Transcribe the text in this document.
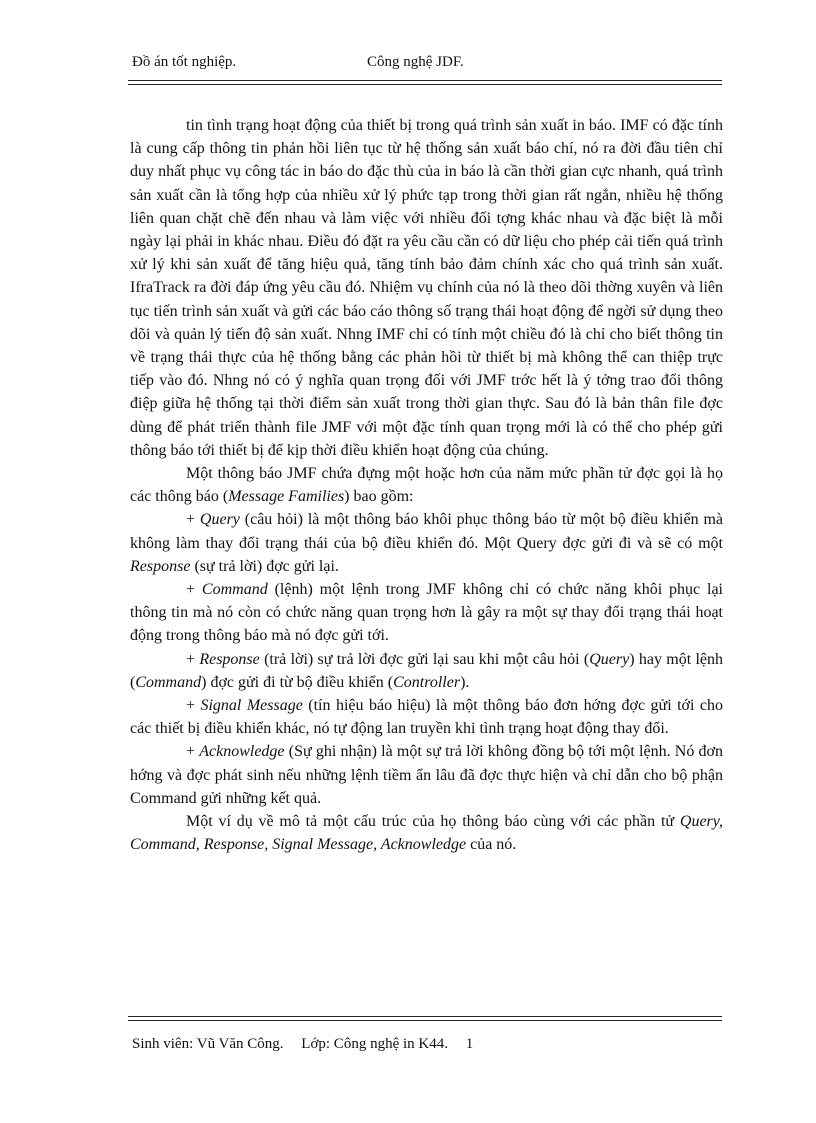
Đồ án tốt nghiệp.	Công nghệ JDF.

tin tình trạng hoạt động của thiết bị trong quá trình sản xuất in báo. IMF có đặc tính là cung cấp thông tin phản hồi liên tục từ hệ thống sản xuất báo chí, nó ra đời đầu tiên chỉ duy nhất phục vụ công tác in báo do đặc thù của in báo là cần thời gian cực nhanh, quá trình sản xuất cần là tổng hợp của nhiều xử lý phức tạp trong thời gian rất ngắn, nhiều hệ thống liên quan chặt chẽ đến nhau và làm việc với nhiều đối tợng khác nhau và đặc biệt là mỗi ngày lại phải in khác nhau. Điều đó đặt ra yêu cầu cần có dữ liệu cho phép cải tiến quá trình xử lý khi sản xuất để tăng hiệu quả, tăng tính bảo đảm chính xác cho quá trình sản xuất. IfraTrack ra đời đáp ứng yêu cầu đó. Nhiệm vụ chính của nó là theo dõi thờng xuyên và liên tục tiến trình sản xuất và gửi các báo cáo thông số trạng thái hoạt động để ngời sử dụng theo dõi và quản lý tiến độ sản xuất. Nhng IMF chỉ có tính một chiều đó là chỉ cho biết thông tin về trạng thái thực của hệ thống bằng các phản hồi từ thiết bị mà không thể can thiệp trực tiếp vào đó. Nhng nó có ý nghĩa quan trọng đối với JMF trớc hết là ý tởng trao đổi thông điệp giữa hệ thống tại thời điểm sản xuất trong thời gian thực. Sau đó là bản thân file đợc dùng để phát triển thành file JMF với một đặc tính quan trọng mới là có thể cho phép gửi thông báo tới thiết bị để kịp thời điều khiển hoạt động của chúng.

Một thông báo JMF chứa đựng một hoặc hơn của năm mức phần tử đợc gọi là họ các thông báo (Message Families) bao gồm:

+ Query (câu hỏi) là một thông báo khôi phục thông báo từ một bộ điều khiển mà không làm thay đổi trạng thái của bộ điều khiển đó. Một Query đợc gửi đi và sẽ có một Response (sự trả lời) đợc gửi lại.

+ Command (lệnh) một lệnh trong JMF không chỉ có chức năng khôi phục lại thông tin mà nó còn có chức năng quan trọng hơn là gây ra một sự thay đổi trạng thái hoạt động trong thông báo mà nó đợc gửi tới.

+ Response (trả lời) sự trả lời đợc gửi lại sau khi một câu hỏi (Query) hay một lệnh (Command) đợc gửi đi từ bộ điều khiển (Controller).

+ Signal Message (tín hiệu báo hiệu) là một thông báo đơn hớng đợc gửi tới cho các thiết bị điều khiển khác, nó tự động lan truyền khi tình trạng hoạt động thay đổi.

+ Acknowledge (Sự ghi nhận) là một sự trả lời không đồng bộ tới một lệnh. Nó đơn hớng và đợc phát sinh nếu những lệnh tiềm ẩn lâu đã đợc thực hiện và chỉ dẫn cho bộ phận Command gửi những kết quả.

Một ví dụ về mô tả một cấu trúc của họ thông báo cùng với các phần tử Query, Command, Response, Signal Message, Acknowledge của nó.

Sinh viên: Vũ Văn Công. Lớp: Công nghệ in K44. 1
